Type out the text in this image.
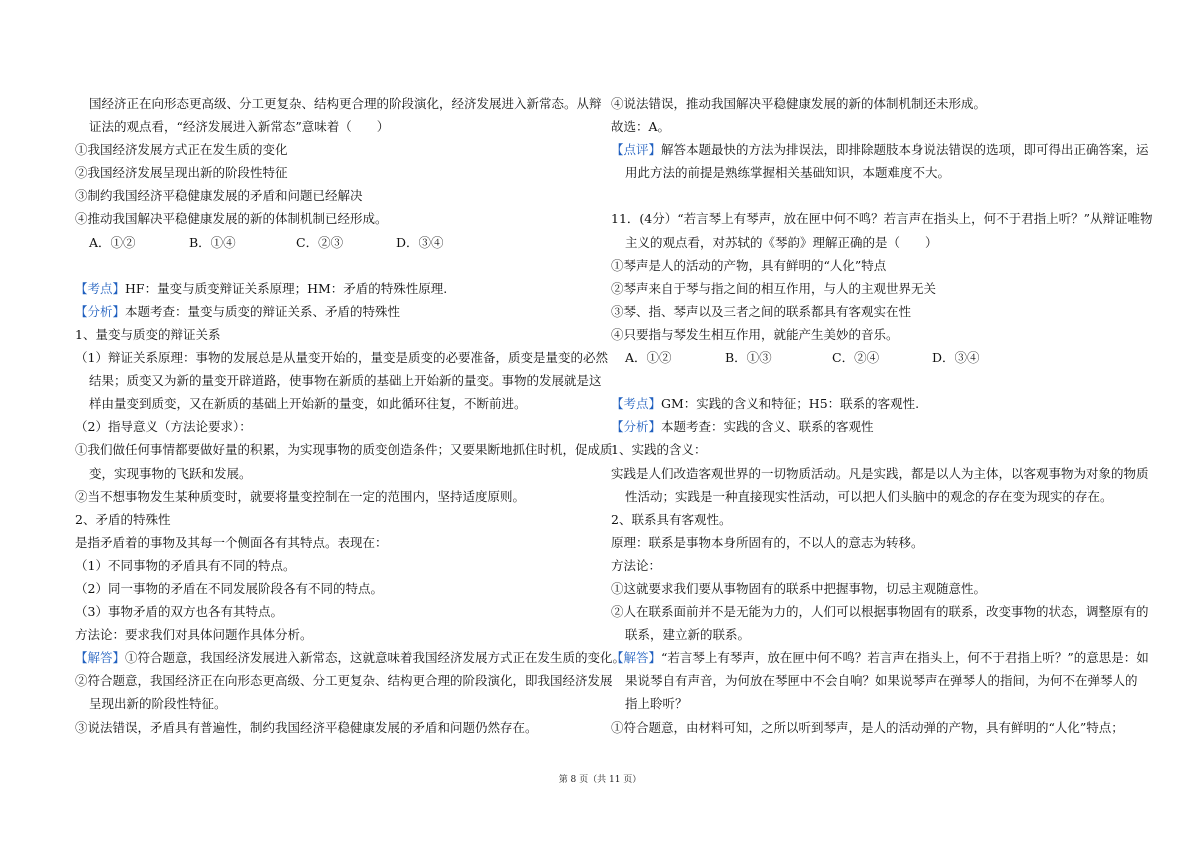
国经济正在向形态更高级、分工更复杂、结构更合理的阶段演化，经济发展进入新常态。从辩
证法的观点看，“经济发展进入新常态”意味着（　　）
①我国经济发展方式正在发生质的变化
②我国经济发展呈现出新的阶段性特征
③制约我国经济平稳健康发展的矛盾和问题已经解决
④推动我国解决平稳健康发展的新的体制机制已经形成。
A．①②	B．①④	C．②③	D．③④
【考点】HF：量变与质变辩证关系原理；HM：矛盾的特殊性原理.
【分析】本题考查：量变与质变的辩证关系、矛盾的特殊性
1、量变与质变的辩证关系
（1）辩证关系原理：事物的发展总是从量变开始的，量变是质变的必要准备，质变是量变的必然
结果；质变又为新的量变开辟道路，使事物在新质的基础上开始新的量变。事物的发展就是这
样由量变到质变，又在新质的基础上开始新的量变，如此循环往复，不断前进。
（2）指导意义（方法论要求）：
①我们做任何事情都要做好量的积累，为实现事物的质变创造条件；又要果断地抓住时机，促成质
变，实现事物的飞跃和发展。
②当不想事物发生某种质变时，就要将量变控制在一定的范围内，坚持适度原则。
2、矛盾的特殊性
是指矛盾着的事物及其每一个侧面各有其特点。表现在：
（1）不同事物的矛盾具有不同的特点。
（2）同一事物的矛盾在不同发展阶段各有不同的特点。
（3）事物矛盾的双方也各有其特点。
方法论：要求我们对具体问题作具体分析。
【解答】①符合题意，我国经济发展进入新常态，这就意味着我国经济发展方式正在发生质的变化。
②符合题意，我国经济正在向形态更高级、分工更复杂、结构更合理的阶段演化，即我国经济发展
呈现出新的阶段性特征。
③说法错误，矛盾具有普遍性，制约我国经济平稳健康发展的矛盾和问题仍然存在。
④说法错误，推动我国解决平稳健康发展的新的体制机制还未形成。
故选：A。
【点评】解答本题最快的方法为排误法，即排除题肢本身说法错误的选项，即可得出正确答案，运
用此方法的前提是熟练掌握相关基础知识，本题难度不大。
11．(4分）“若言琴上有琴声，放在匣中何不鸣？若言声在指头上，何不于君指上听？”从辩证唯物
主义的观点看，对苏轼的《琴韵》理解正确的是（　　）
①琴声是人的活动的产物，具有鲜明的“人化”特点
②琴声来自于琴与指之间的相互作用，与人的主观世界无关
③琴、指、琴声以及三者之间的联系都具有客观实在性
④只要指与琴发生相互作用，就能产生美妙的音乐。
A．①②	B．①③	C．②④	D．③④
【考点】GM：实践的含义和特征；H5：联系的客观性.
【分析】本题考查：实践的含义、联系的客观性
1、实践的含义：
实践是人们改造客观世界的一切物质活动。凡是实践，都是以人为主体，以客观事物为对象的物质
性活动；实践是一种直接现实性活动，可以把人们头脑中的观念的存在变为现实的存在。
2、联系具有客观性。
原理：联系是事物本身所固有的，不以人的意志为转移。
方法论：
①这就要求我们要从事物固有的联系中把握事物，切忌主观随意性。
②人在联系面前并不是无能为力的，人们可以根据事物固有的联系，改变事物的状态，调整原有的
联系，建立新的联系。
【解答】“若言琴上有琴声，放在匣中何不鸣？若言声在指头上，何不于君指上听？”的意思是：如
果说琴自有声音，为何放在琴匣中不会自响？如果说琴声在弹琴人的指间，为何不在弹琴人的
指上聆听？
①符合题意，由材料可知，之所以听到琴声，是人的活动弹的产物，具有鲜明的“人化”特点；
第 8 页（共 11 页）
